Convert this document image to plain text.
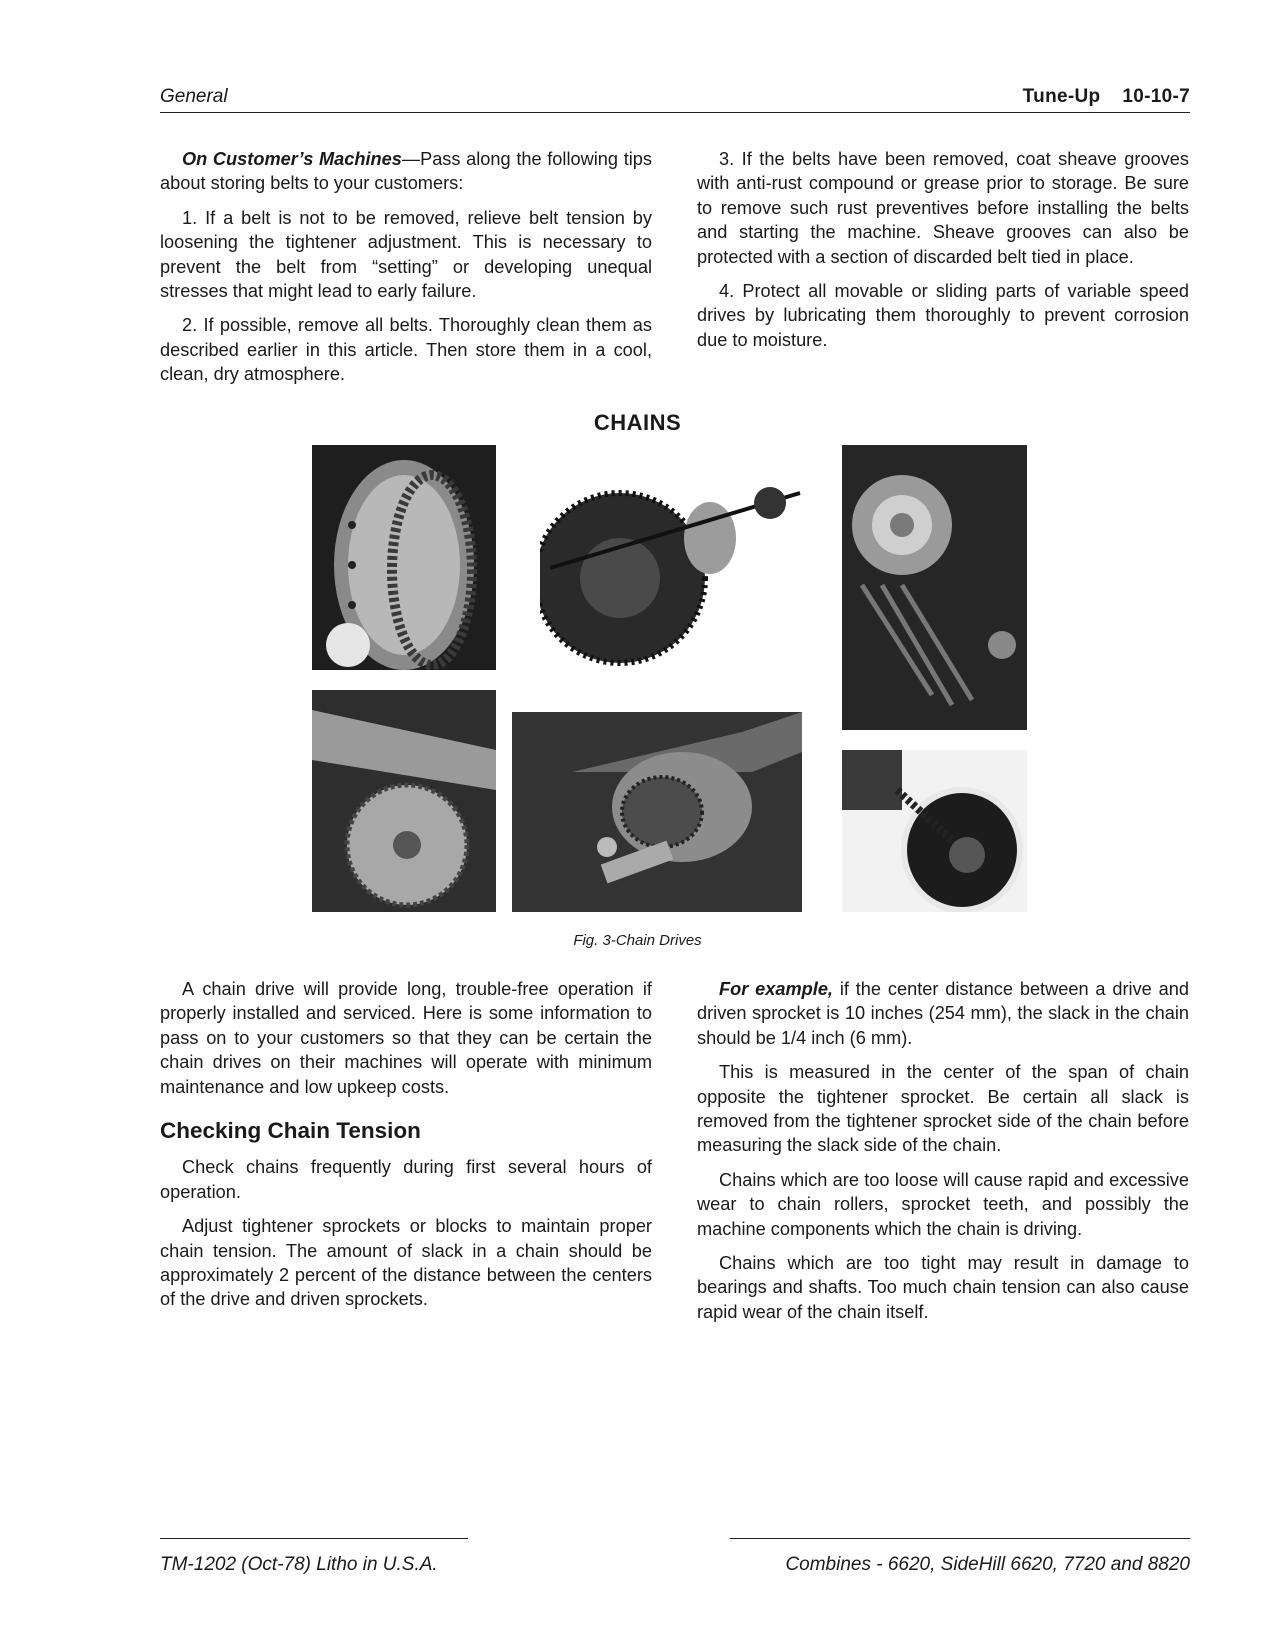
General	Tune-Up 10-10-7

On Customer’s Machines—Pass along the following tips about storing belts to your customers:

1. If a belt is not to be removed, relieve belt tension by loosening the tightener adjustment. This is necessary to prevent the belt from “setting” or developing unequal stresses that might lead to early failure.

2. If possible, remove all belts. Thoroughly clean them as described earlier in this article. Then store them in a cool, clean, dry atmosphere.

3. If the belts have been removed, coat sheave grooves with anti-rust compound or grease prior to storage. Be sure to remove such rust preventives before installing the belts and starting the machine. Sheave grooves can also be protected with a section of discarded belt tied in place.

4. Protect all movable or sliding parts of variable speed drives by lubricating them thoroughly to prevent corrosion due to moisture.

CHAINS
Fig. 3-Chain Drives

A chain drive will provide long, trouble-free operation if properly installed and serviced. Here is some information to pass on to your customers so that they can be certain the chain drives on their machines will operate with minimum maintenance and low upkeep costs.

Checking Chain Tension

Check chains frequently during first several hours of operation.

Adjust tightener sprockets or blocks to maintain proper chain tension. The amount of slack in a chain should be approximately 2 percent of the distance between the centers of the drive and driven sprockets.

For example, if the center distance between a drive and driven sprocket is 10 inches (254 mm), the slack in the chain should be 1/4 inch (6 mm).

This is measured in the center of the span of chain opposite the tightener sprocket. Be certain all slack is removed from the tightener sprocket side of the chain before measuring the slack side of the chain.

Chains which are too loose will cause rapid and excessive wear to chain rollers, sprocket teeth, and possibly the machine components which the chain is driving.

Chains which are too tight may result in damage to bearings and shafts. Too much chain tension can also cause rapid wear of the chain itself.

TM-1202 (Oct-78) Litho in U.S.A.	Combines - 6620, SideHill 6620, 7720 and 8820
